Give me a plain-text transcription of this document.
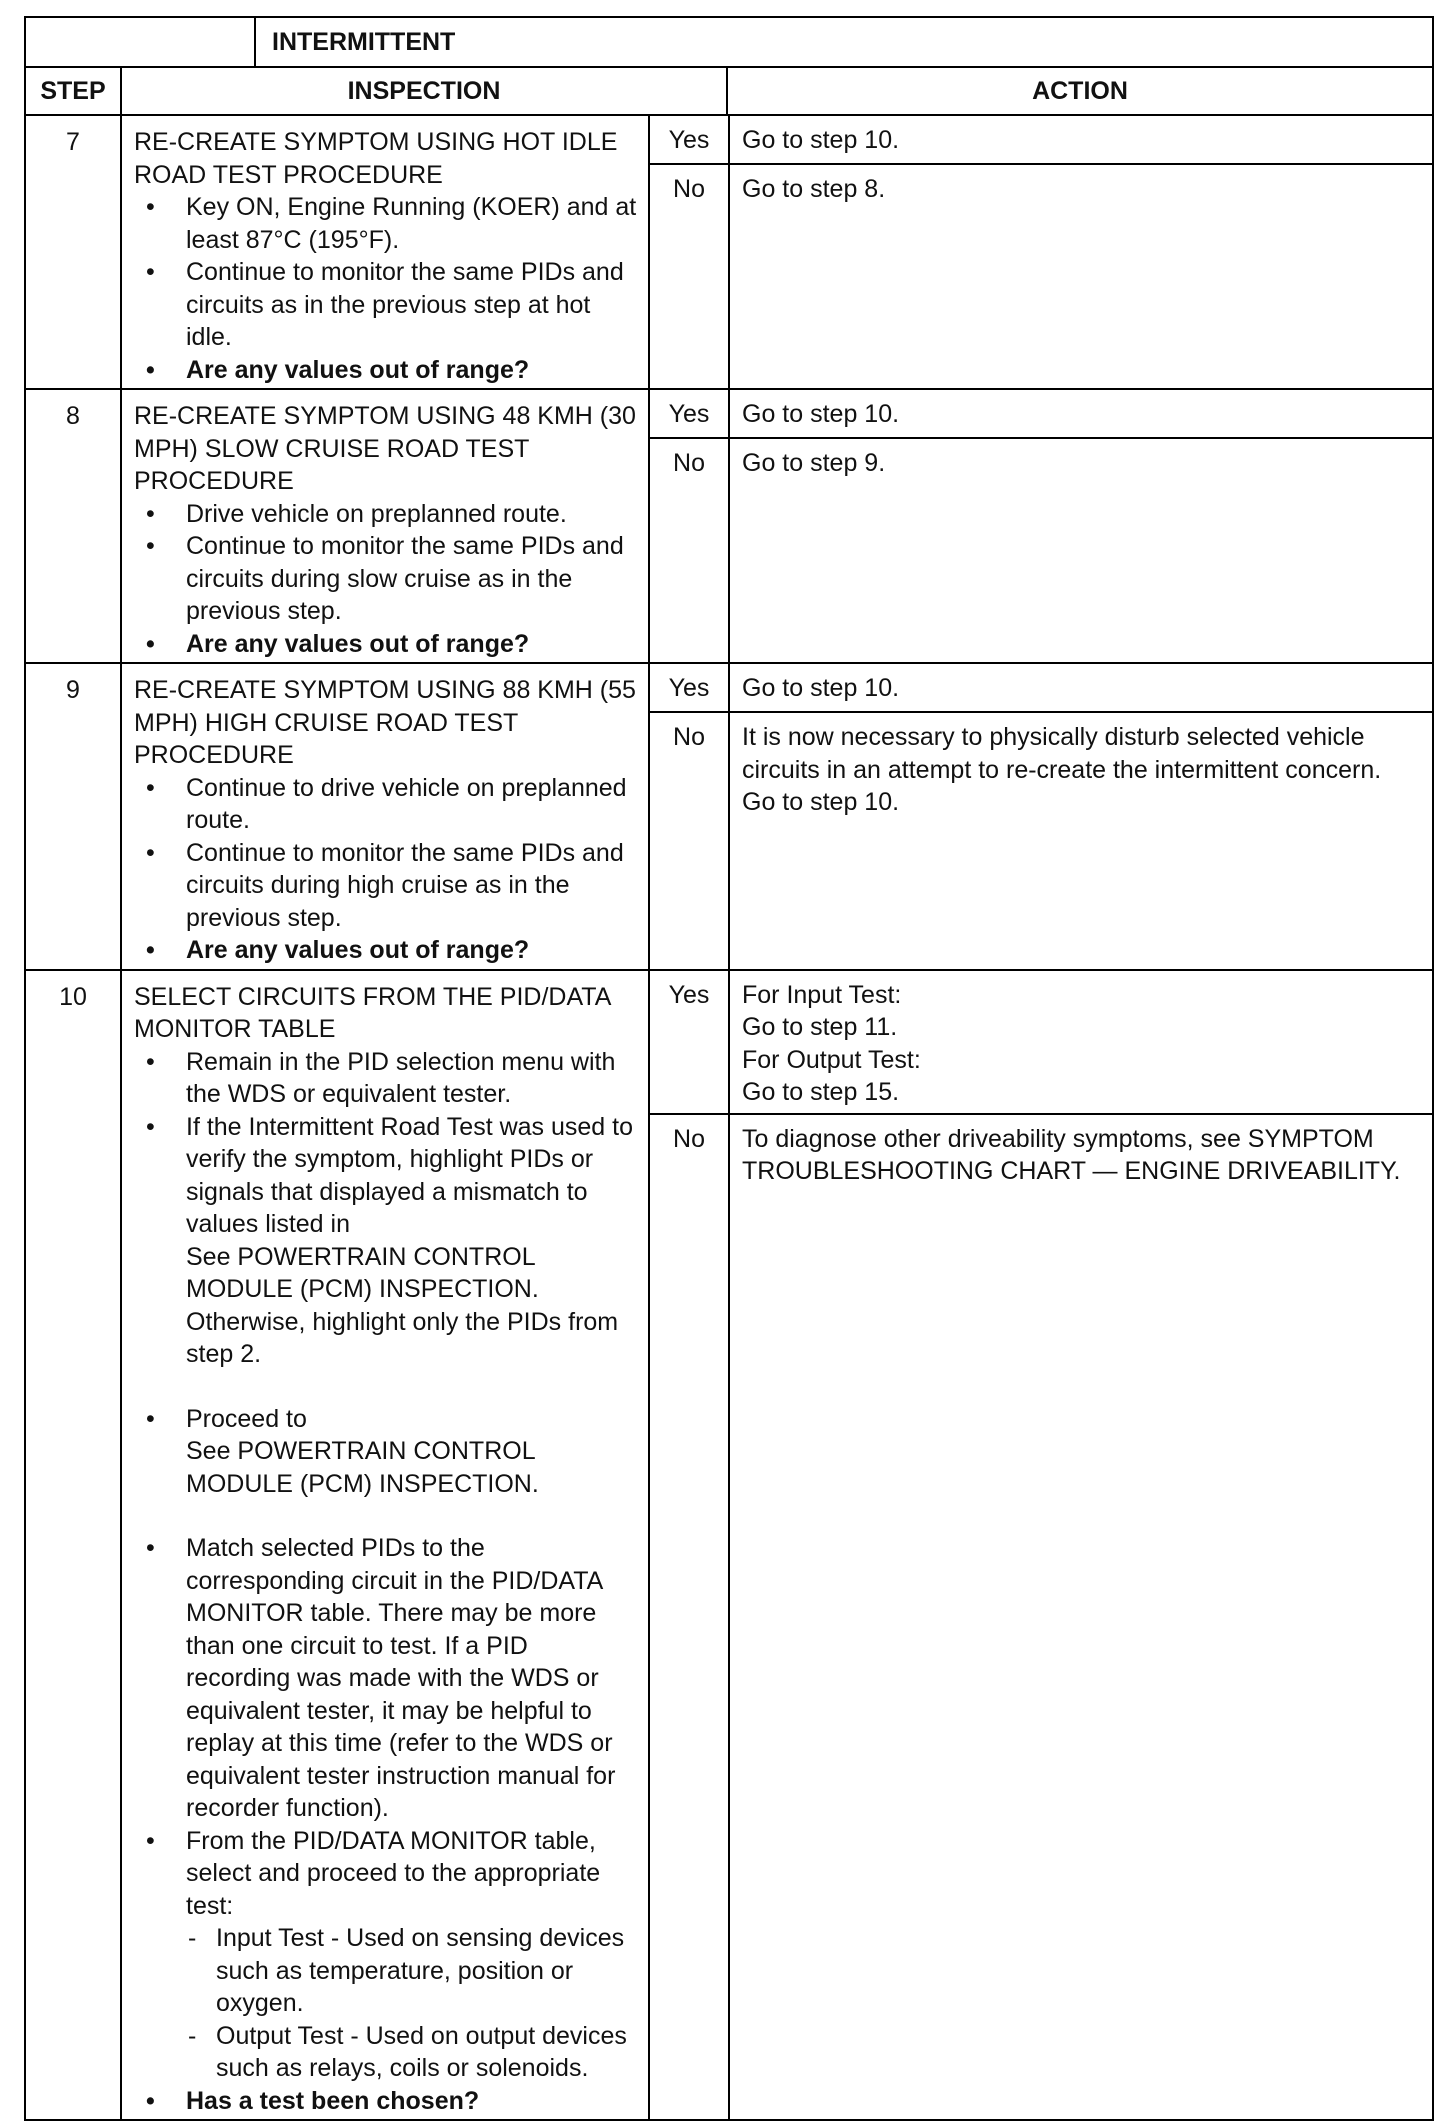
		INTERMITTENT	
STEP	INSPECTION		ACTION
7	RE-CREATE SYMPTOM USING HOT IDLE ROAD TEST PROCEDURE

• Key ON, Engine Running (KOER) and at least 87°C (195°F).
• Continue to monitor the same PIDs and circuits as in the previous step at hot idle.
• Are any values out of range?

Yes	Go to step 10.

No	Go to step 8.

8	RE-CREATE SYMPTOM USING 48 KMH (30 MPH) SLOW CRUISE ROAD TEST PROCEDURE

• Drive vehicle on preplanned route.
• Continue to monitor the same PIDs and circuits during slow cruise as in the previous step.
• Are any values out of range?

Yes	Go to step 10.

No	Go to step 9.

9	RE-CREATE SYMPTOM USING 88 KMH (55 MPH) HIGH CRUISE ROAD TEST PROCEDURE

• Continue to drive vehicle on preplanned route.
• Continue to monitor the same PIDs and circuits during high cruise as in the previous step.
• Are any values out of range?

Yes	Go to step 10.

No	It is now necessary to physically disturb selected vehicle circuits in an attempt to re-create the intermittent concern.
Go to step 10.

10	SELECT CIRCUITS FROM THE PID/DATA MONITOR TABLE

• Remain in the PID selection menu with the WDS or equivalent tester.
• If the Intermittent Road Test was used to verify the symptom, highlight PIDs or signals that displayed a mismatch to values listed in
See POWERTRAIN CONTROL MODULE (PCM) INSPECTION.
Otherwise, highlight only the PIDs from step 2.
• Proceed to
See POWERTRAIN CONTROL MODULE (PCM) INSPECTION.
• Match selected PIDs to the corresponding circuit in the PID/DATA MONITOR table. There may be more than one circuit to test. If a PID recording was made with the WDS or equivalent tester, it may be helpful to replay at this time (refer to the WDS or equivalent tester instruction manual for recorder function).
• From the PID/DATA MONITOR table, select and proceed to the appropriate test:
- Input Test - Used on sensing devices such as temperature, position or oxygen.
- Output Test - Used on output devices such as relays, coils or solenoids.
• Has a test been chosen?

Yes	For Input Test:
Go to step 11.
For Output Test:
Go to step 15.

No	To diagnose other driveability symptoms, see SYMPTOM TROUBLESHOOTING CHART — ENGINE DRIVEABILITY.
